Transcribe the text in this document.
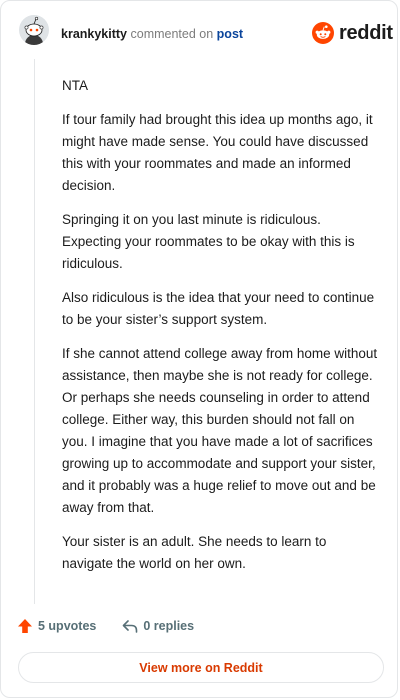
krankykitty commented on post	reddit

NTA

If tour family had brought this idea up months ago, it might have made sense. You could have discussed this with your roommates and made an informed decision.

Springing it on you last minute is ridiculous. Expecting your roommates to be okay with this is ridiculous.

Also ridiculous is the idea that your need to continue to be your sister’s support system.

If she cannot attend college away from home without assistance, then maybe she is not ready for college. Or perhaps she needs counseling in order to attend college. Either way, this burden should not fall on you. I imagine that you have made a lot of sacrifices growing up to accommodate and support your sister, and it probably was a huge relief to move out and be away from that.

Your sister is an adult. She needs to learn to navigate the world on her own.

5 upvotes	0 replies
View more on Reddit
